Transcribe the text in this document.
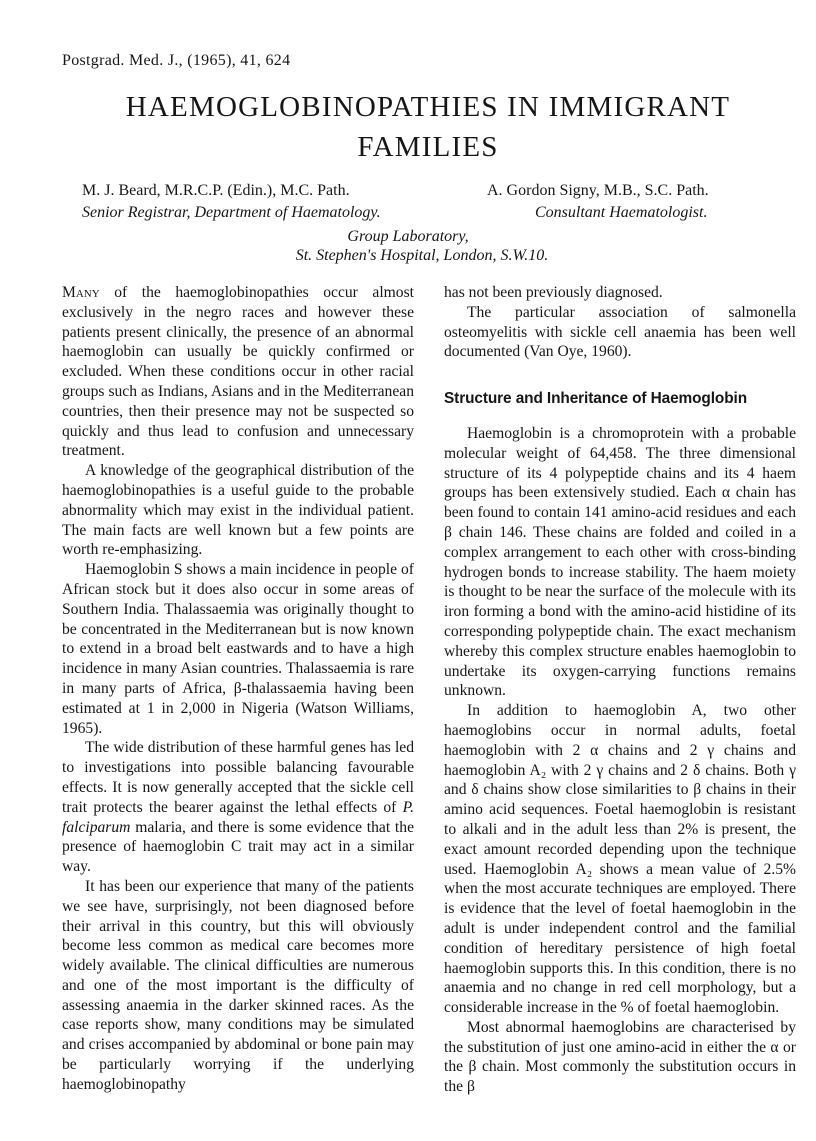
Postgrad. Med. J., (1965), 41, 624
HAEMOGLOBINOPATHIES IN IMMIGRANT
FAMILIES
M. J. Beard, M.R.C.P. (Edin.), M.C. Path.
Senior Registrar, Department of Haematology.
A. Gordon Signy, M.B., S.C. Path.
Consultant Haematologist.
Group Laboratory,
St. Stephen's Hospital, London, S.W.10.

Many of the haemoglobinopathies occur almost exclusively in the negro races and however these patients present clinically, the presence of an abnormal haemoglobin can usually be quickly confirmed or excluded. When these conditions occur in other racial groups such as Indians, Asians and in the Mediterranean countries, then their presence may not be suspected so quickly and thus lead to confusion and unnecessary treatment.

A knowledge of the geographical distribution of the haemoglobinopathies is a useful guide to the probable abnormality which may exist in the individual patient. The main facts are well known but a few points are worth re-emphasizing.

Haemoglobin S shows a main incidence in people of African stock but it does also occur in some areas of Southern India. Thalassaemia was originally thought to be concentrated in the Mediterranean but is now known to extend in a broad belt eastwards and to have a high incidence in many Asian countries. Thalassaemia is rare in many parts of Africa, β-thalassaemia having been estimated at 1 in 2,000 in Nigeria (Watson Williams, 1965).

The wide distribution of these harmful genes has led to investigations into possible balancing favourable effects. It is now generally accepted that the sickle cell trait protects the bearer against the lethal effects of P. falciparum malaria, and there is some evidence that the presence of haemoglobin C trait may act in a similar way.

It has been our experience that many of the patients we see have, surprisingly, not been diagnosed before their arrival in this country, but this will obviously become less common as medical care becomes more widely available. The clinical difficulties are numerous and one of the most important is the difficulty of assessing anaemia in the darker skinned races. As the case reports show, many conditions may be simulated and crises accompanied by abdominal or bone pain may be particularly worrying if the underlying haemoglobinopathy

has not been previously diagnosed.

The particular association of salmonella osteomyelitis with sickle cell anaemia has been well documented (Van Oye, 1960).

Structure and Inheritance of Haemoglobin

Haemoglobin is a chromoprotein with a probable molecular weight of 64,458. The three dimensional structure of its 4 polypeptide chains and its 4 haem groups has been extensively studied. Each α chain has been found to contain 141 amino-acid residues and each β chain 146. These chains are folded and coiled in a complex arrangement to each other with cross-binding hydrogen bonds to increase stability. The haem moiety is thought to be near the surface of the molecule with its iron forming a bond with the amino-acid histidine of its corresponding polypeptide chain. The exact mechanism whereby this complex structure enables haemoglobin to undertake its oxygen-carrying functions remains unknown.

In addition to haemoglobin A, two other haemoglobins occur in normal adults, foetal haemoglobin with 2 α chains and 2 γ chains and haemoglobin A₂ with 2 γ chains and 2 δ chains. Both γ and δ chains show close similarities to β chains in their amino acid sequences. Foetal haemoglobin is resistant to alkali and in the adult less than 2% is present, the exact amount recorded depending upon the technique used. Haemoglobin A₂ shows a mean value of 2.5% when the most accurate techniques are employed. There is evidence that the level of foetal haemoglobin in the adult is under independent control and the familial condition of hereditary persistence of high foetal haemoglobin supports this. In this condition, there is no anaemia and no change in red cell morphology, but a considerable increase in the % of foetal haemoglobin.

Most abnormal haemoglobins are characterised by the substitution of just one amino-acid in either the α or the β chain. Most commonly the substitution occurs in the β
